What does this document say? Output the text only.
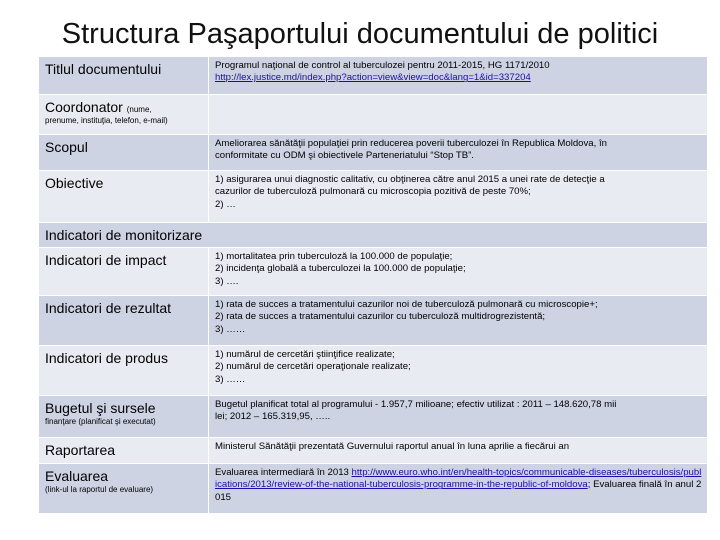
Structura Paşaportului documentului de politici
Titlul documentului	Programul naţional de control al tuberculozei pentru 2011-2015, HG 1171/2010
http://lex.justice.md/index.php?action=view&view=doc&lang=1&id=337204

Coordonator (nume,
prenume, instituţia, telefon, e-mail)	

Scopul	Ameliorarea sănătăţii populaţiei prin reducerea poverii tuberculozei în Republica Moldova, în
conformitate cu ODM şi obiectivele Parteneriatului “Stop TB”.

Obiective	1) asigurarea unui diagnostic calitativ, cu obţinerea către anul 2015 a unei rate de detecţie a
cazurilor de tuberculoză pulmonară cu microscopia pozitivă de peste 70%;
2) …

Indicatori de monitorizare	
Indicatori de impact	1) mortalitatea prin tuberculoză la 100.000 de populaţie;
2) incidenţa globală a tuberculozei la 100.000 de populaţie;
3) ….

Indicatori de rezultat	1) rata de succes a tratamentului cazurilor noi de tuberculoză pulmonară cu microscopie+;
2) rata de succes a tratamentului cazurilor cu tuberculoză multidrogrezistentă;
3) ……

Indicatori de produs	1) numărul de cercetări ştiinţifice realizate;
2) numărul de cercetări operaţionale realizate;
3) ……

Bugetul şi sursele
finanţare (planificat şi executat)	Bugetul planificat total al programului - 1.957,7 milioane; efectiv utilizat : 2011 – 148.620,78 mii
lei; 2012 – 165.319,95, …..

Raportarea	Ministerul Sănătăţii prezentată Guvernului raportul anual în luna aprilie a fiecărui an

Evaluarea
(link-ul la raportul de evaluare)	Evaluarea intermediară în 2013 http://www.euro.who.int/en/health-topics/communicable-diseases/tuberculosis/publications/2013/review-of-the-national-tuberculosis-programme-in-the-republic-of-moldova; Evaluarea finală în anul 2015
